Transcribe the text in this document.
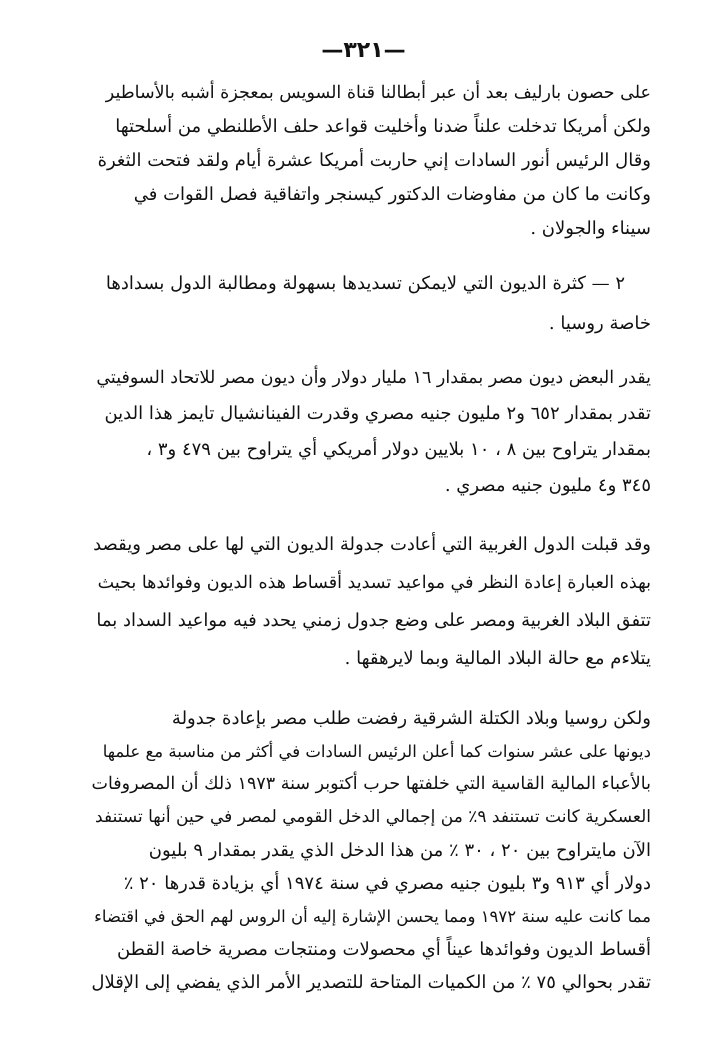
—٣٢١—
على حصون بارليف بعد أن عبر أبطالنا قناة السويس بمعجزة أشبه بالأساطير
ولكن أمريكا تدخلت علناً ضدنا وأخليت قواعد حلف الأطلنطي من أسلحتها
وقال الرئيس أنور السادات إني حاربت أمريكا عشرة أيام ولقد فتحت الثغرة
وكانت ما كان من مفاوضات الدكتور كيسنجر واتفاقية فصل القوات في
سيناء والجولان .
٢ — كثرة الديون التي لايمكن تسديدها بسهولة ومطالبة الدول بسدادها
خاصة روسيا .
يقدر البعض ديون مصر بمقدار ١٦ مليار دولار وأن ديون مصر للاتحاد السوفيتي
تقدر بمقدار ٦٥٢ و٢ مليون جنيه مصري وقدرت الفينانشيال تايمز هذا الدين
بمقدار يتراوح بين ٨ ، ١٠ بلايين دولار أمريكي أي يتراوح بين ٤٧٩ و٣ ،
٣٤٥ و٤ مليون جنيه مصري .
وقد قبلت الدول الغربية التي أعادت جدولة الديون التي لها على مصر ويقصد
بهذه العبارة إعادة النظر في مواعيد تسديد أقساط هذه الديون وفوائدها بحيث
تتفق البلاد الغربية ومصر على وضع جدول زمني يحدد فيه مواعيد السداد بما
يتلاءم مع حالة البلاد المالية وبما لايرهقها .
ولكن روسيا وبلاد الكتلة الشرقية رفضت طلب مصر بإعادة جدولة
ديونها على عشر سنوات كما أعلن الرئيس السادات في أكثر من مناسبة مع علمها
بالأعباء المالية القاسية التي خلفتها حرب أكتوبر سنة ١٩٧٣ ذلك أن المصروفات
العسكرية كانت تستنفد ٩٪ من إجمالي الدخل القومي لمصر في حين أنها تستنفد
الآن مايتراوح بين ٢٠ ، ٣٠ ٪ من هذا الدخل الذي يقدر بمقدار ٩ بليون
دولار أي ٩١٣ و٣ بليون جنيه مصري في سنة ١٩٧٤ أي بزيادة قدرها ٢٠ ٪
مما كانت عليه سنة ١٩٧٢ ومما يحسن الإشارة إليه أن الروس لهم الحق في اقتضاء
أقساط الديون وفوائدها عيناً أي محصولات ومنتجات مصرية خاصة القطن
تقدر بحوالي ٧٥ ٪ من الكميات المتاحة للتصدير الأمر الذي يفضي إلى الإقلال
